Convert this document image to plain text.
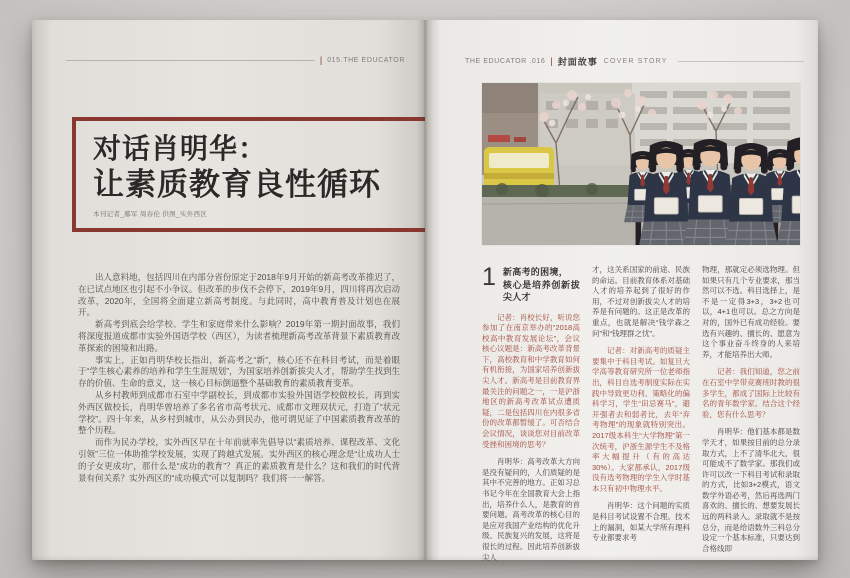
| 015.THE EDUCATOR
对话肖明华：
让素质教育良性循环
本刊记者_鄢军 周春伦 供图_实外西区

出人意料地，包括四川在内部分省份原定于2018年9月开始的新高考改革推迟了，在已试点地区也引起不小争议。但改革的步伐不会停下，2019年9月，四川将再次启动改革，2020年，全国将全面建立新高考制度。与此同时，高中教育普及计划也在展开。

新高考到底会给学校、学生和家庭带来什么影响？2019年第一期封面故事，我们将深度报道成都市实验外国语学校（西区），为读者梳理新高考改革背景下素质教育改革探索的困境和出路。

事实上，正如肖明华校长指出，新高考之“新”，核心还不在科目考试，而是着眼于“学生核心素养的培养和学生生涯规划”，为国家培养创新拔尖人才，帮助学生找到生存的价值、生命的意义，这一核心目标倒逼整个基础教育的素质教育变革。

从乡村教师到成都市石室中学副校长，到成都市实验外国语学校做校长，再到实外西区做校长，肖明华曾培养了多名省市高考状元、成都市文理双状元，打造了“状元学校”。四十年来，从乡村到城市，从公办到民办，他可谓见证了中国素质教育改革的整个历程。

而作为民办学校，实外西区早在十年前就率先倡导以“素质培养、课程改革、文化引领”三位一体助推学校发展，实现了跨越式发展。实外西区的核心理念是“让成功人士的子女更成功”，那什么是“成功的教育”？真正的素质教育是什么？这和我们的时代背景有何关系？实外西区的“成功模式”可以复制吗？我们将一一解答。

THE EDUCATOR .016 | 封面故事 COVER STORY
1 新高考的困境，
核心是培养创新拔尖人才

记者：肖校长好，听说您参加了在南京举办的“2018高校高中教育发展论坛”，会议核心议题是：新高考改革背景下，高校教育和中学教育如何有机衔接，为国家培养创新拔尖人才。新高考是目前教育界最关注的问题之一，一是沪浙地区的新高考改革试点遭质疑，二是包括四川在内很多省份的改革都暂缓了。可否结合会议情况，谈谈您对目前改革受挫和困境的思考？

肖明华：高考改革大方向是没有疑问的，人们质疑的是其中不完善的地方。正如习总书记今年在全国教育大会上指出，培养什么人，是教育的首要问题。高考改革的核心目的是应对我国产业结构的优化升级、民族复兴的发展，这将是很长的过程。因此培养创新拔尖人

才，这关系国家的前途、民族的命运。目前教育体系对基础人才的培养起到了很好的作用，不过对创新拔尖人才的培养是有问题的。这正是改革的重点，也就是解决“钱学森之问”和“钱理群之忧”。

记者：对新高考的质疑主要集中于科目考试。如复旦大学高等教育研究所一位老师指出，科目自选考制度实际在实践中导致更功利、策略化的偏科学习，学生“田忌赛马”，避开强者去和弱者比，去年“弃考物理”的现象就特别突出。2017级本科生“大学物理”第一次统考，沪浙生源学生不及格率大幅提升（有的高达30%）。大家都承认，2017级没有选考物理的学生入学时基本只有初中物理水平。

肖明华：这个问题的实质是科目考试设置不合理。技术上的漏洞，如某大学所有理科专业都要求考

物理，那就定必须选物理。但如果只有几个专业要求，那当然可以不选。科目选择上，是不是一定得3+3，3+2也可以，4+1也可以。总之方向是对的，国外已有成功经验。要选有兴趣的、擅长的、愿意为这个事业奋斗终身的人来培养，才能培养出大师。

记者：我们知道，您之前在石室中学带竞赛班时教的很多学生，都成了国际上比较有名的青年数学家。结合这个经验，您有什么思考？

肖明华：他们基本都是数学天才，如果按目前的总分录取方式，上不了清华北大，很可能成不了数学家。那我们或许可以改一下科目考试和录取的方式，比如3+2模式，语文数学外语必考，然后再选两门喜欢的、擅长的、想要发展长远的两科录入。录取就不是按总分，而是给语数外三科总分设定一个基本标准，只要达到合格线即
